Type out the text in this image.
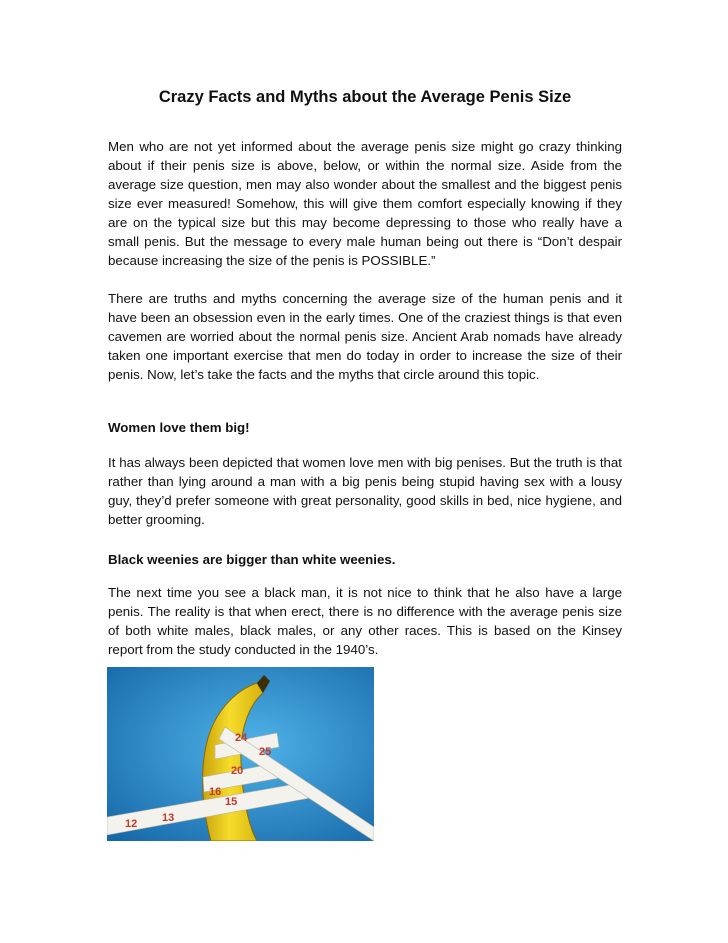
Crazy Facts and Myths about the Average Penis Size

Men who are not yet informed about the average penis size might go crazy thinking about if their penis size is above, below, or within the normal size. Aside from the average size question, men may also wonder about the smallest and the biggest penis size ever measured! Somehow, this will give them comfort especially knowing if they are on the typical size but this may become depressing to those who really have a small penis. But the message to every male human being out there is “Don’t despair because increasing the size of the penis is POSSIBLE.”

There are truths and myths concerning the average size of the human penis and it have been an obsession even in the early times. One of the craziest things is that even cavemen are worried about the normal penis size. Ancient Arab nomads have already taken one important exercise that men do today in order to increase the size of their penis. Now, let’s take the facts and the myths that circle around this topic.

Women love them big!

It has always been depicted that women love men with big penises. But the truth is that rather than lying around a man with a big penis being stupid having sex with a lousy guy, they’d prefer someone with great personality, good skills in bed, nice hygiene, and better grooming.

Black weenies are bigger than white weenies.

The next time you see a black man, it is not nice to think that he also have a large penis. The reality is that when erect, there is no difference with the average penis size of both white males, black males, or any other races. This is based on the Kinsey report from the study conducted in the 1940’s.

24
25
20
16
15
12 13
